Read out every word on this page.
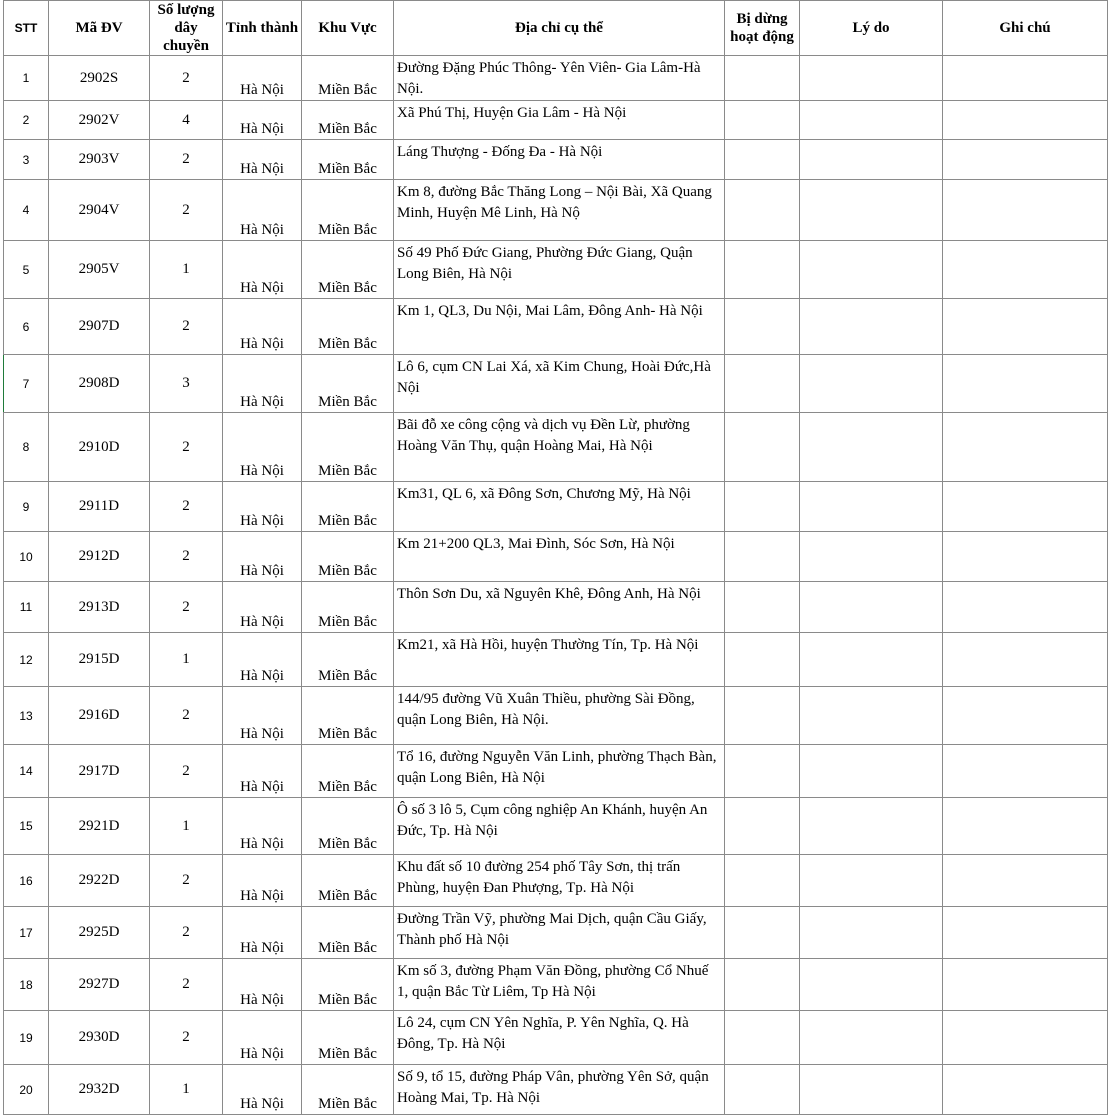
STT	Mã ĐV	Số lượng dây chuyền	Tỉnh thành	Khu Vực	Địa chỉ cụ thể	Bị dừng hoạt động	Lý do	Ghi chú
1	2902S	2	Hà Nội	Miền Bắc	Đường Đặng Phúc Thông- Yên Viên- Gia Lâm-Hà Nội.			
2	2902V	4	Hà Nội	Miền Bắc	Xã Phú Thị, Huyện Gia Lâm - Hà Nội			
3	2903V	2	Hà Nội	Miền Bắc	Láng Thượng - Đống Đa - Hà Nội			
4	2904V	2	Hà Nội	Miền Bắc	Km 8, đường Bắc Thăng Long – Nội Bài, Xã Quang Minh, Huyện Mê Linh, Hà Nộ			
5	2905V	1	Hà Nội	Miền Bắc	Số 49 Phố Đức Giang, Phường Đức Giang, Quận Long Biên, Hà Nội			
6	2907D	2	Hà Nội	Miền Bắc	Km 1, QL3, Du Nội, Mai Lâm, Đông Anh- Hà Nội			
7	2908D	3	Hà Nội	Miền Bắc	Lô 6, cụm CN Lai Xá, xã Kim Chung, Hoài Đức,Hà Nội			
8	2910D	2	Hà Nội	Miền Bắc	Bãi đỗ xe công cộng và dịch vụ Đền Lừ, phường Hoàng Văn Thụ, quận Hoàng Mai, Hà Nội			
9	2911D	2	Hà Nội	Miền Bắc	Km31, QL 6, xã Đông Sơn, Chương Mỹ, Hà Nội			
10	2912D	2	Hà Nội	Miền Bắc	Km 21+200 QL3, Mai Đình, Sóc Sơn, Hà Nội			
11	2913D	2	Hà Nội	Miền Bắc	Thôn Sơn Du, xã Nguyên Khê, Đông Anh, Hà Nội			
12	2915D	1	Hà Nội	Miền Bắc	Km21, xã Hà Hồi, huyện Thường Tín, Tp. Hà Nội			
13	2916D	2	Hà Nội	Miền Bắc	144/95 đường Vũ Xuân Thiều, phường Sài Đồng, quận Long Biên, Hà Nội.			
14	2917D	2	Hà Nội	Miền Bắc	Tổ 16, đường Nguyễn Văn Linh, phường Thạch Bàn, quận Long Biên, Hà Nội			
15	2921D	1	Hà Nội	Miền Bắc	Ô số 3 lô 5, Cụm công nghiệp An Khánh, huyện An Đức, Tp. Hà Nội			
16	2922D	2	Hà Nội	Miền Bắc	Khu đất số 10 đường 254 phố Tây Sơn, thị trấn Phùng, huyện Đan Phượng, Tp. Hà Nội			
17	2925D	2	Hà Nội	Miền Bắc	Đường Trần Vỹ, phường Mai Dịch, quận Cầu Giấy, Thành phố Hà Nội			
18	2927D	2	Hà Nội	Miền Bắc	Km số 3, đường Phạm Văn Đồng, phường Cổ Nhuế 1, quận Bắc Từ Liêm, Tp Hà Nội			
19	2930D	2	Hà Nội	Miền Bắc	Lô 24, cụm CN Yên Nghĩa, P. Yên Nghĩa, Q. Hà Đông, Tp. Hà Nội			
20	2932D	1	Hà Nội	Miền Bắc	Số 9, tổ 15, đường Pháp Vân, phường Yên Sở, quận Hoàng Mai, Tp. Hà Nội			
